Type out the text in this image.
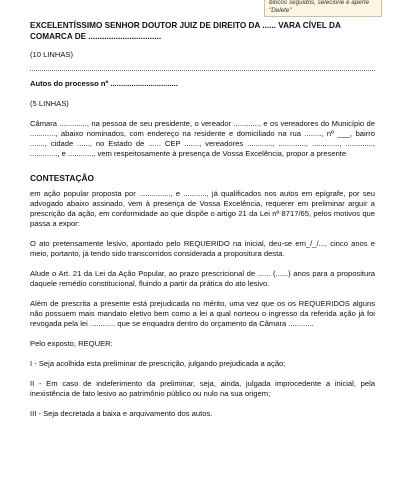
blocos seguidos, selecione e aperte "Delete"
EXCELENTÍSSIMO SENHOR DOUTOR JUIZ DE DIREITO DA ...... VARA CÍVEL DA COMARCA DE ................................

(10 LINHAS)

Autos do processo nº ................................

(5 LINHAS)

Câmara ............., na pessoa de seu presidente, o vereador ............, e os vereadores do Município de ............, abaixo nominados, com endereço na residente e domiciliado na rua ........, nº ___, bairro ......., cidade ......, no Estado de ...... CEP ......., vereadores ............, ............., ............., ............., ............., e ............, vem respeitosamente à presença de Vossa Excelência, propor a presente

CONTESTAÇÃO

em ação popular proposta por ..............., e ..........., já qualificados nos autos em epígrafe, por seu advogado abaixo assinado, vem à presença de Vossa Excelência, requerer em preliminar arguir a prescrição da ação, em conformidade ao que dispõe o artigo 21 da Lei nº 8717/65, pelos motivos que passa a expor:

O ato pretensamente lesivo, apontado pelo REQUERIDO na inicial, deu-se em_/_/..., cinco anos e meio, portanto, já tendo sido transcorridos considerada a propositura desta.

Alude o Art. 21 da Lei da Ação Popular, ao prazo prescricional de ...... (......) anos para a propositura daquele remédio constitucional, fluindo a partir da prática do ato lesivo.

Além de prescrita a presente está prejudicada no mérito, uma vez que os os REQUERIDOS alguns não possuem mais mandato eletivo bem como a lei a qual norteou o ingresso da referida ação já foi revogada pela lei ............ que se enquadra dentro do orçamento da Câmara ............

Pelo exposto, REQUER:

I - Seja acolhida esta preliminar de prescrição, julgando prejudicada a ação;

II - Em caso de indeferimento da preliminar, seja, ainda, julgada improcedente a inicial, pela inexistência de fato lesivo ao patrimônio público ou nulo na sua origem;

III - Seja decretada a baixa e arquivamento dos autos.
